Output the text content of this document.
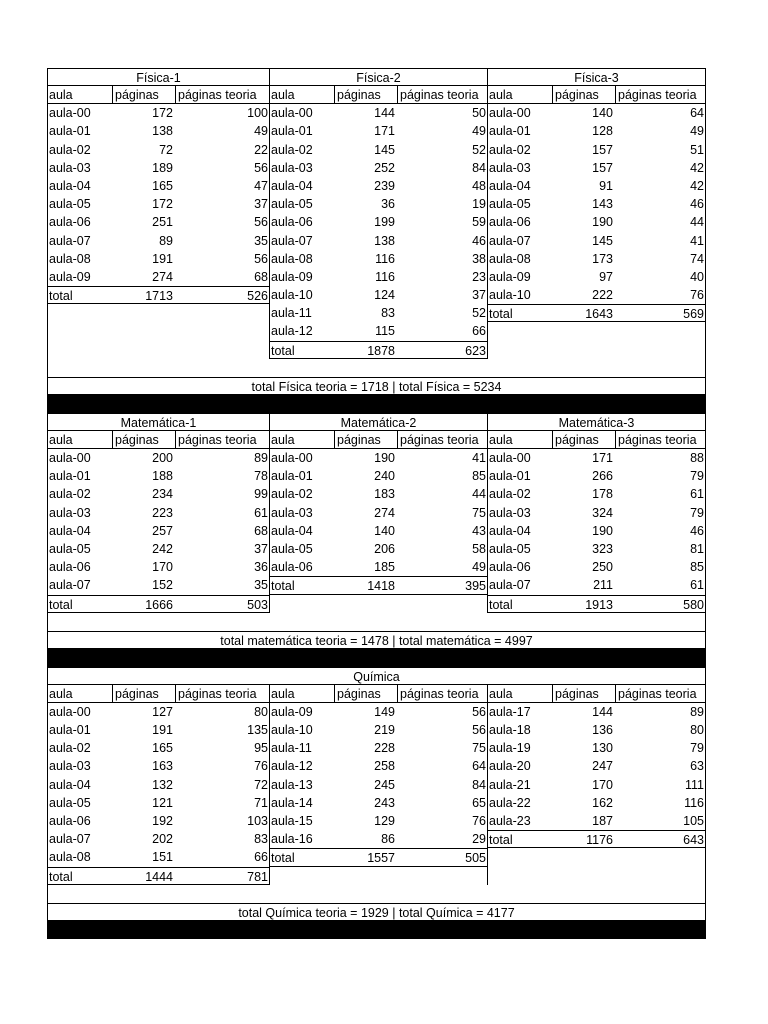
Física-1
aula	páginas	páginas teoria
aula-00	172	100
aula-01	138	49
aula-02	72	22
aula-03	189	56
aula-04	165	47
aula-05	172	37
aula-06	251	56
aula-07	89	35
aula-08	191	56
aula-09	274	68
total	1713	526
Física-2
aula	páginas	páginas teoria
aula-00	144	50
aula-01	171	49
aula-02	145	52
aula-03	252	84
aula-04	239	48
aula-05	36	19
aula-06	199	59
aula-07	138	46
aula-08	116	38
aula-09	116	23
aula-10	124	37
aula-11	83	52
aula-12	115	66
total	1878	623
Física-3
aula	páginas	páginas teoria
aula-00	140	64
aula-01	128	49
aula-02	157	51
aula-03	157	42
aula-04	91	42
aula-05	143	46
aula-06	190	44
aula-07	145	41
aula-08	173	74
aula-09	97	40
aula-10	222	76
total	1643	569
total Física teoria = 1718 | total Física = 5234
Matemática-1
aula	páginas	páginas teoria
aula-00	200	89
aula-01	188	78
aula-02	234	99
aula-03	223	61
aula-04	257	68
aula-05	242	37
aula-06	170	36
aula-07	152	35
total	1666	503
Matemática-2
aula	páginas	páginas teoria
aula-00	190	41
aula-01	240	85
aula-02	183	44
aula-03	274	75
aula-04	140	43
aula-05	206	58
aula-06	185	49
total	1418	395
Matemática-3
aula	páginas	páginas teoria
aula-00	171	88
aula-01	266	79
aula-02	178	61
aula-03	324	79
aula-04	190	46
aula-05	323	81
aula-06	250	85
aula-07	211	61
total	1913	580
total matemática teoria = 1478 | total matemática = 4997
Química
aula	páginas	páginas teoria
aula-00	127	80
aula-01	191	135
aula-02	165	95
aula-03	163	76
aula-04	132	72
aula-05	121	71
aula-06	192	103
aula-07	202	83
aula-08	151	66
total	1444	781
aula	páginas	páginas teoria
aula-09	149	56
aula-10	219	56
aula-11	228	75
aula-12	258	64
aula-13	245	84
aula-14	243	65
aula-15	129	76
aula-16	86	29
total	1557	505
aula	páginas	páginas teoria
aula-17	144	89
aula-18	136	80
aula-19	130	79
aula-20	247	63
aula-21	170	111
aula-22	162	116
aula-23	187	105
total	1176	643
total Química teoria = 1929 | total Química = 4177
